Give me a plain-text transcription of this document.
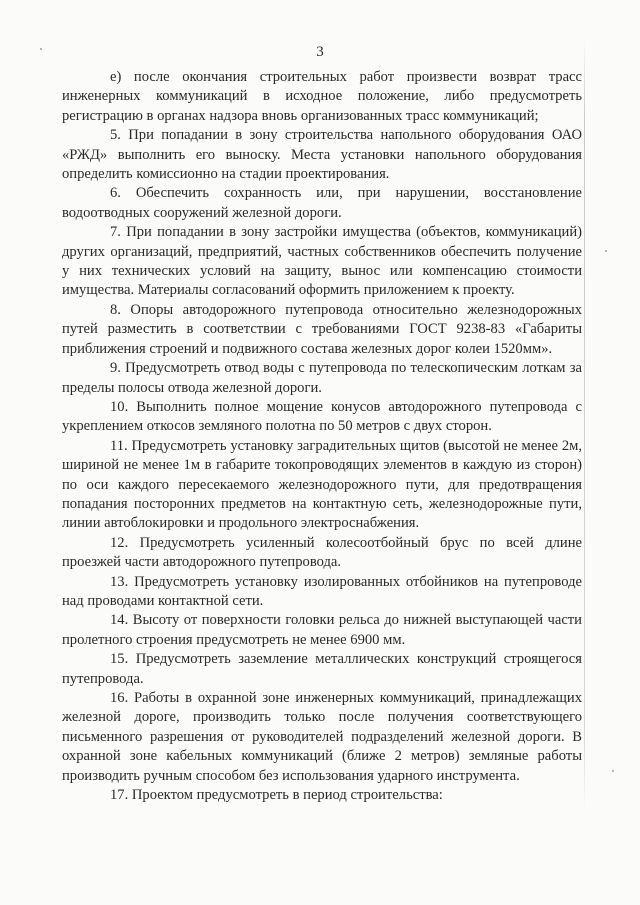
3

е) после окончания строительных работ произвести возврат трасс инженерных коммуникаций в исходное положение, либо предусмотреть регистрацию в органах надзора вновь организованных трасс коммуникаций;

5. При попадании в зону строительства напольного оборудования ОАО «РЖД» выполнить его выноску. Места установки напольного оборудования определить комиссионно на стадии проектирования.

6. Обеспечить сохранность или, при нарушении, восстановление водоотводных сооружений железной дороги.

7. При попадании в зону застройки имущества (объектов, коммуникаций) других организаций, предприятий, частных собственников обеспечить получение у них технических условий на защиту, вынос или компенсацию стоимости имущества. Материалы согласований оформить приложением к проекту.

8. Опоры автодорожного путепровода относительно железнодорожных путей разместить в соответствии с требованиями ГОСТ 9238-83 «Габариты приближения строений и подвижного состава железных дорог колеи 1520мм».

9. Предусмотреть отвод воды с путепровода по телескопическим лоткам за пределы полосы отвода железной дороги.

10. Выполнить полное мощение конусов автодорожного путепровода с укреплением откосов земляного полотна по 50 метров с двух сторон.

11. Предусмотреть установку заградительных щитов (высотой не менее 2м, шириной не менее 1м в габарите токопроводящих элементов в каждую из сторон) по оси каждого пересекаемого железнодорожного пути, для предотвращения попадания посторонних предметов на контактную сеть, железнодорожные пути, линии автоблокировки и продольного электроснабжения.

12. Предусмотреть усиленный колесоотбойный брус по всей длине проезжей части автодорожного путепровода.

13. Предусмотреть установку изолированных отбойников на путепроводе над проводами контактной сети.

14. Высоту от поверхности головки рельса до нижней выступающей части пролетного строения предусмотреть не менее 6900 мм.

15. Предусмотреть заземление металлических конструкций строящегося путепровода.

16. Работы в охранной зоне инженерных коммуникаций, принадлежащих железной дороге, производить только после получения соответствующего письменного разрешения от руководителей подразделений железной дороги. В охранной зоне кабельных коммуникаций (ближе 2 метров) земляные работы производить ручным способом без использования ударного инструмента.

17. Проектом предусмотреть в период строительства:
